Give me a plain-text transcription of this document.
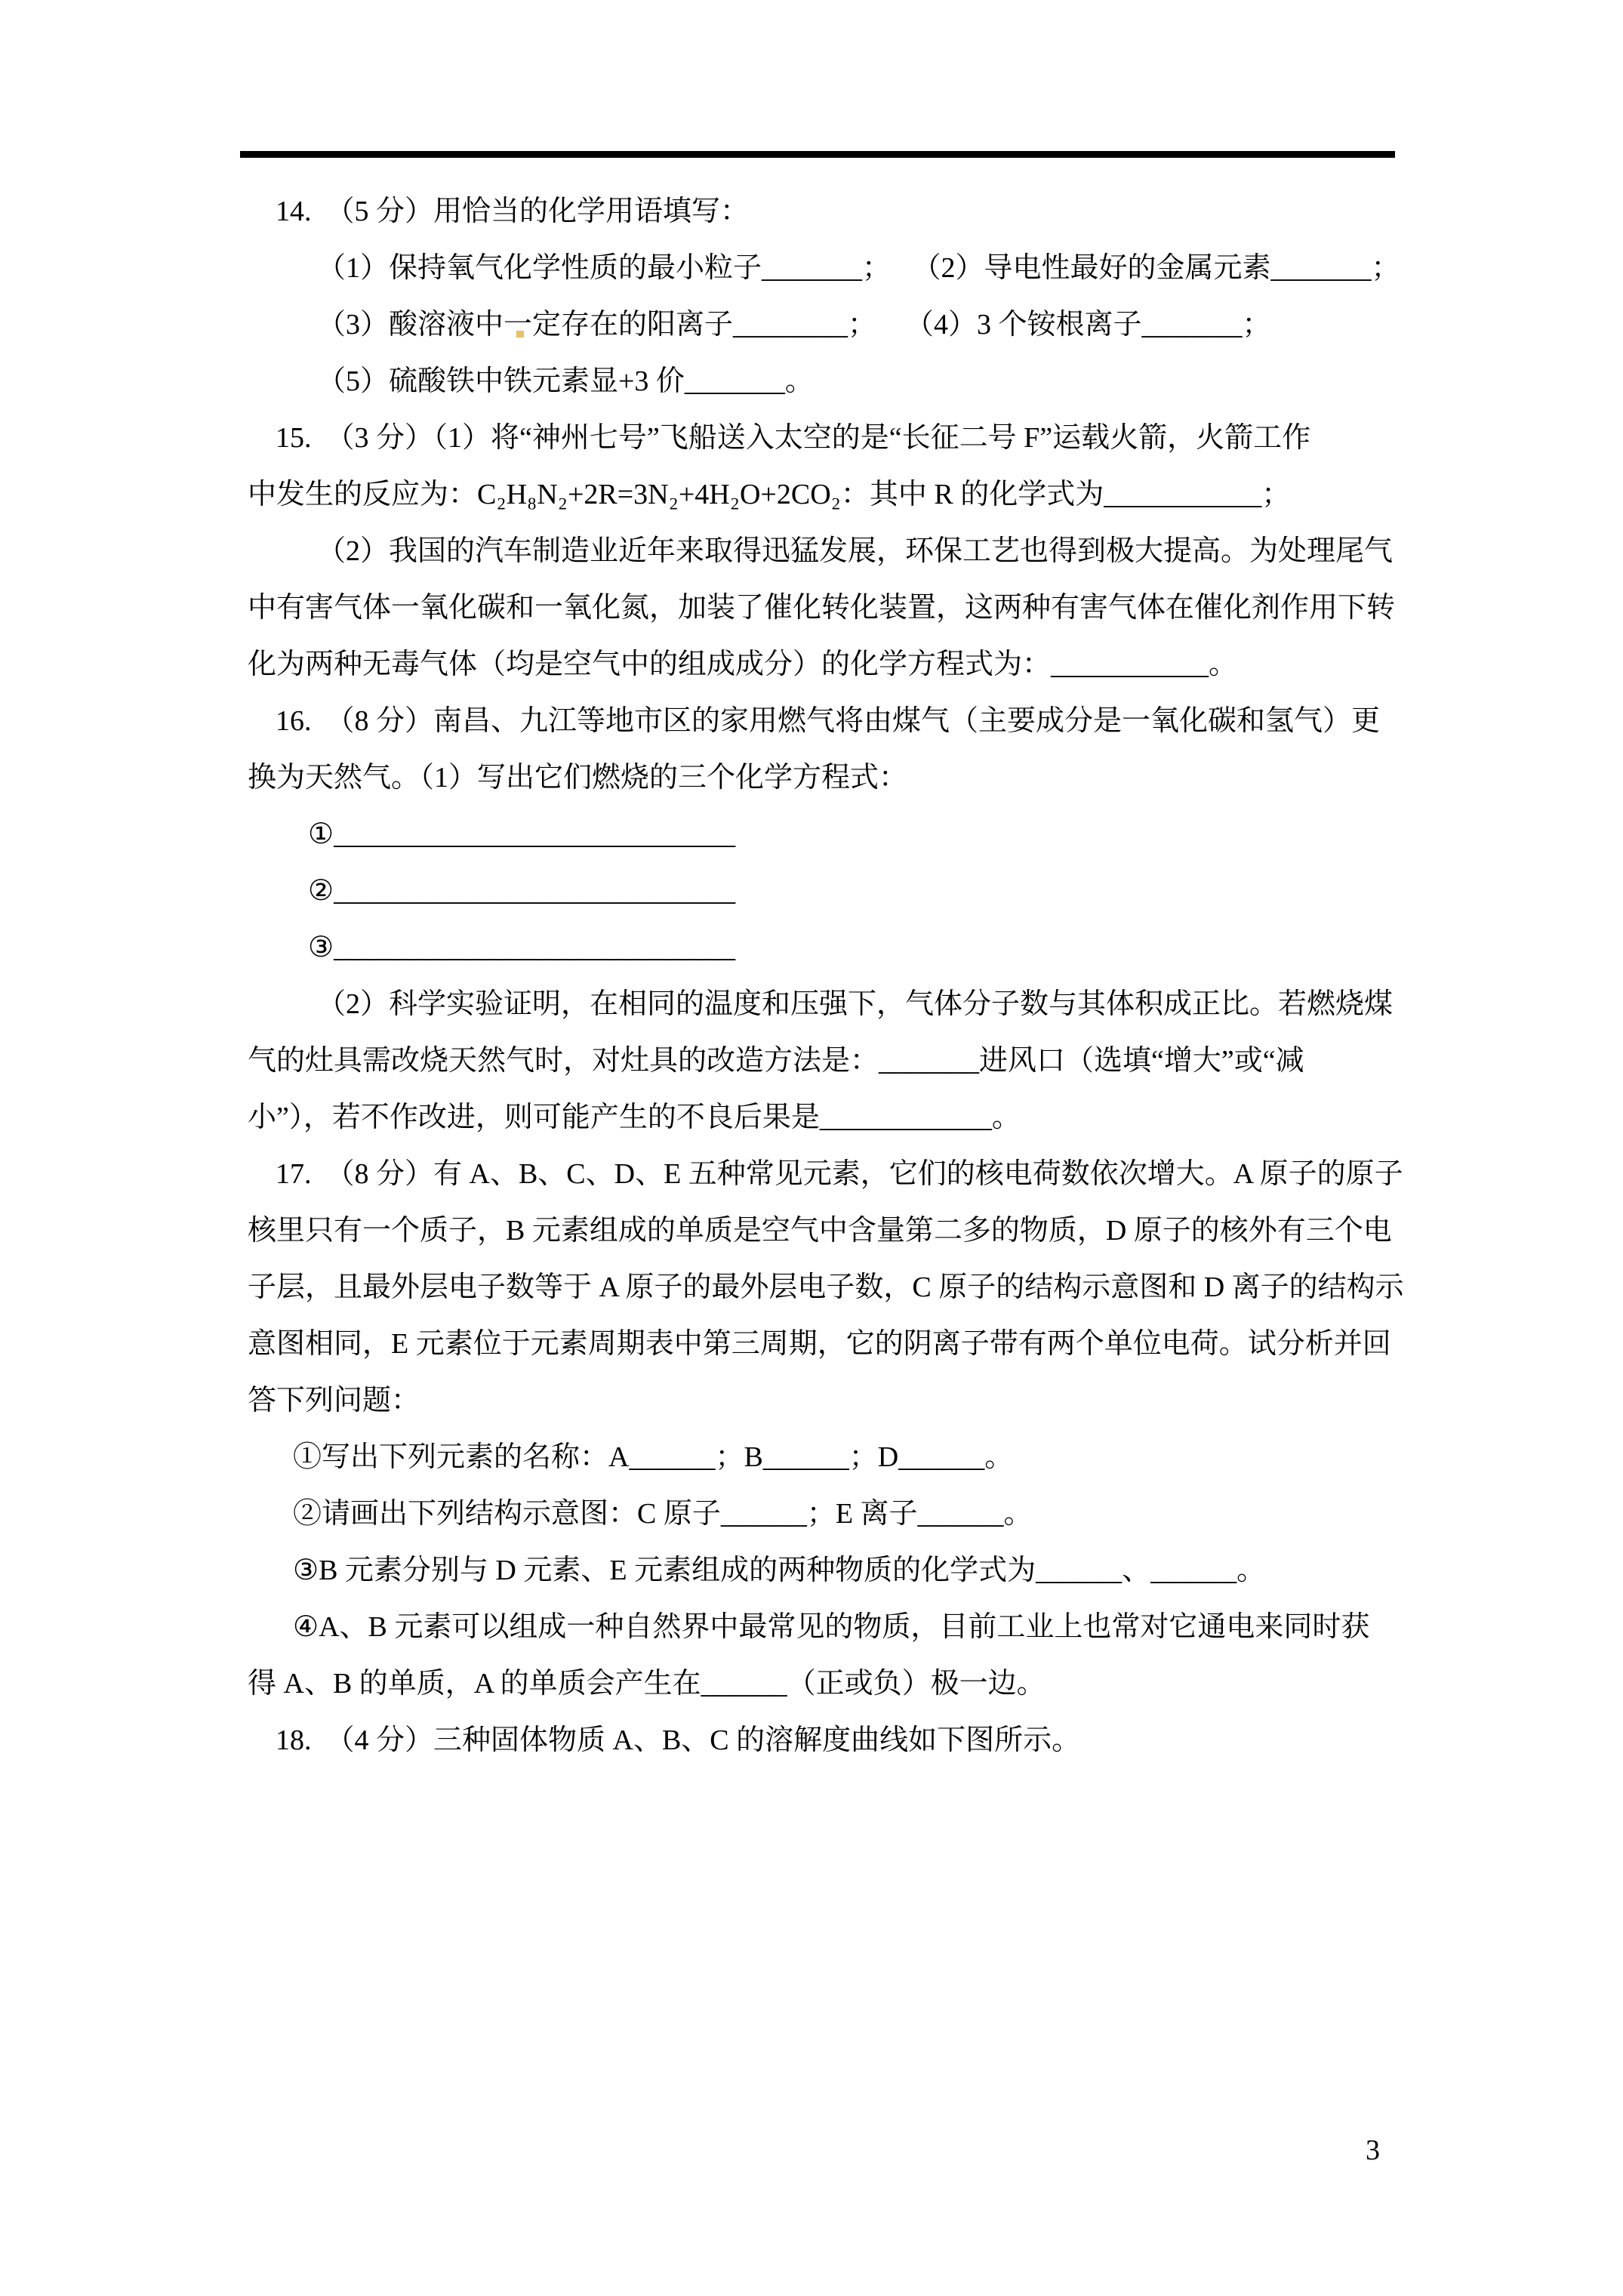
14.　（5 分）用恰当的化学用语填写：
（1）保持氧气化学性质的最小粒子_______；　 （2）导电性最好的金属元素_______；
（3）酸溶液中一定存在的阳离子________；　　（4）3 个铵根离子_______；
（5）硫酸铁中铁元素显+3 价_______。
15.　（3 分）（1）将“神州七号”飞船送入太空的是“长征二号 F”运载火箭，火箭工作
中发生的反应为：C₂H₈N₂+2R=3N₂+4H₂O+2CO₂：其中 R 的化学式为___________；
（2）我国的汽车制造业近年来取得迅猛发展，环保工艺也得到极大提高。为处理尾气
中有害气体一氧化碳和一氧化氮，加装了催化转化装置，这两种有害气体在催化剂作用下转
化为两种无毒气体（均是空气中的组成成分）的化学方程式为：___________。
16.　（8 分）南昌、九江等地市区的家用燃气将由煤气（主要成分是一氧化碳和氢气）更
换为天然气。（1）写出它们燃烧的三个化学方程式：
①____________________________
②____________________________
③____________________________
（2）科学实验证明，在相同的温度和压强下，气体分子数与其体积成正比。若燃烧煤
气的灶具需改烧天然气时，对灶具的改造方法是：_______进风口（选填“增大”或“减
小”），若不作改进，则可能产生的不良后果是____________。
17.　（8 分）有 A、B、C、D、E 五种常见元素，它们的核电荷数依次增大。A 原子的原子
核里只有一个质子，B 元素组成的单质是空气中含量第二多的物质，D 原子的核外有三个电
子层，且最外层电子数等于 A 原子的最外层电子数，C 原子的结构示意图和 D 离子的结构示
意图相同，E 元素位于元素周期表中第三周期，它的阴离子带有两个单位电荷。试分析并回
答下列问题：
①写出下列元素的名称：A______；B______；D______。
②请画出下列结构示意图：C 原子______；E 离子______。
③B 元素分别与 D 元素、E 元素组成的两种物质的化学式为______、______。
④A、B 元素可以组成一种自然界中最常见的物质，目前工业上也常对它通电来同时获
得 A、B 的单质，A 的单质会产生在______（正或负）极一边。
18.　（4 分）三种固体物质 A、B、C 的溶解度曲线如下图所示。
3
